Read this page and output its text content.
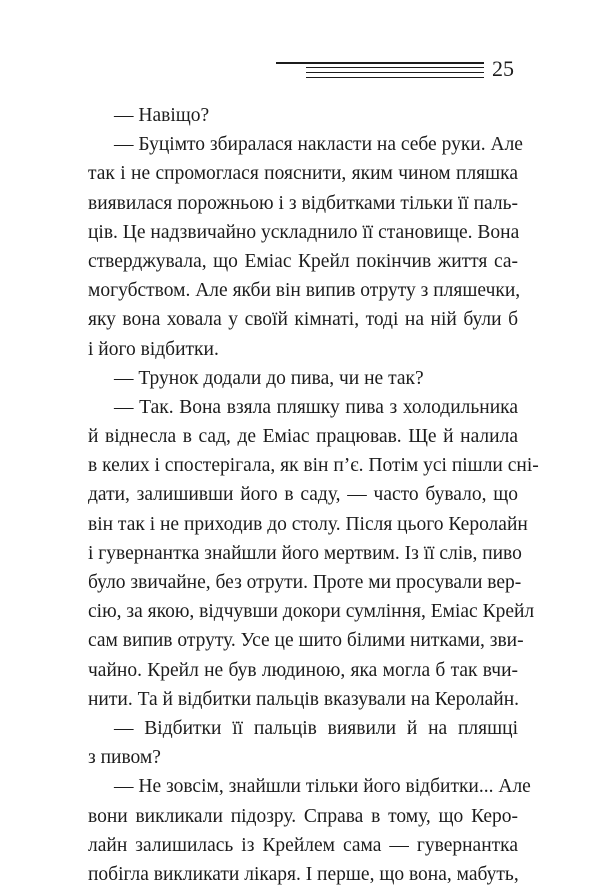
25
— Навіщо?
— Буцімто збиралася накласти на себе руки. Але
так і не спромоглася пояснити, яким чином пляшка
виявилася порожньою і з відбитками тільки її паль-
ців. Це надзвичайно ускладнило її становище. Вона
стверджувала, що Еміас Крейл покінчив життя са-
могубством. Але якби він випив отруту з пляшечки,
яку вона ховала у своїй кімнаті, тоді на ній були б
і його відбитки.
— Трунок додали до пива, чи не так?
— Так. Вона взяла пляшку пива з холодильника
й віднесла в сад, де Еміас працював. Ще й налила
в келих і спостерігала, як він п’є. Потім усі пішли сні-
дати, залишивши його в саду, — часто бувало, що
він так і не приходив до столу. Після цього Керолайн
і гувернантка знайшли його мертвим. Із її слів, пиво
було звичайне, без отрути. Проте ми просували вер-
сію, за якою, відчувши докори сумління, Еміас Крейл
сам випив отруту. Усе це шито білими нитками, зви-
чайно. Крейл не був людиною, яка могла б так вчи-
нити. Та й відбитки пальців вказували на Керолайн.
— Відбитки її пальців виявили й на пляшці
з пивом?
— Не зовсім, знайшли тільки його відбитки... Але
вони викликали підозру. Справа в тому, що Керо-
лайн залишилась із Крейлем сама — гувернантка
побігла викликати лікаря. І перше, що вона, мабуть,
